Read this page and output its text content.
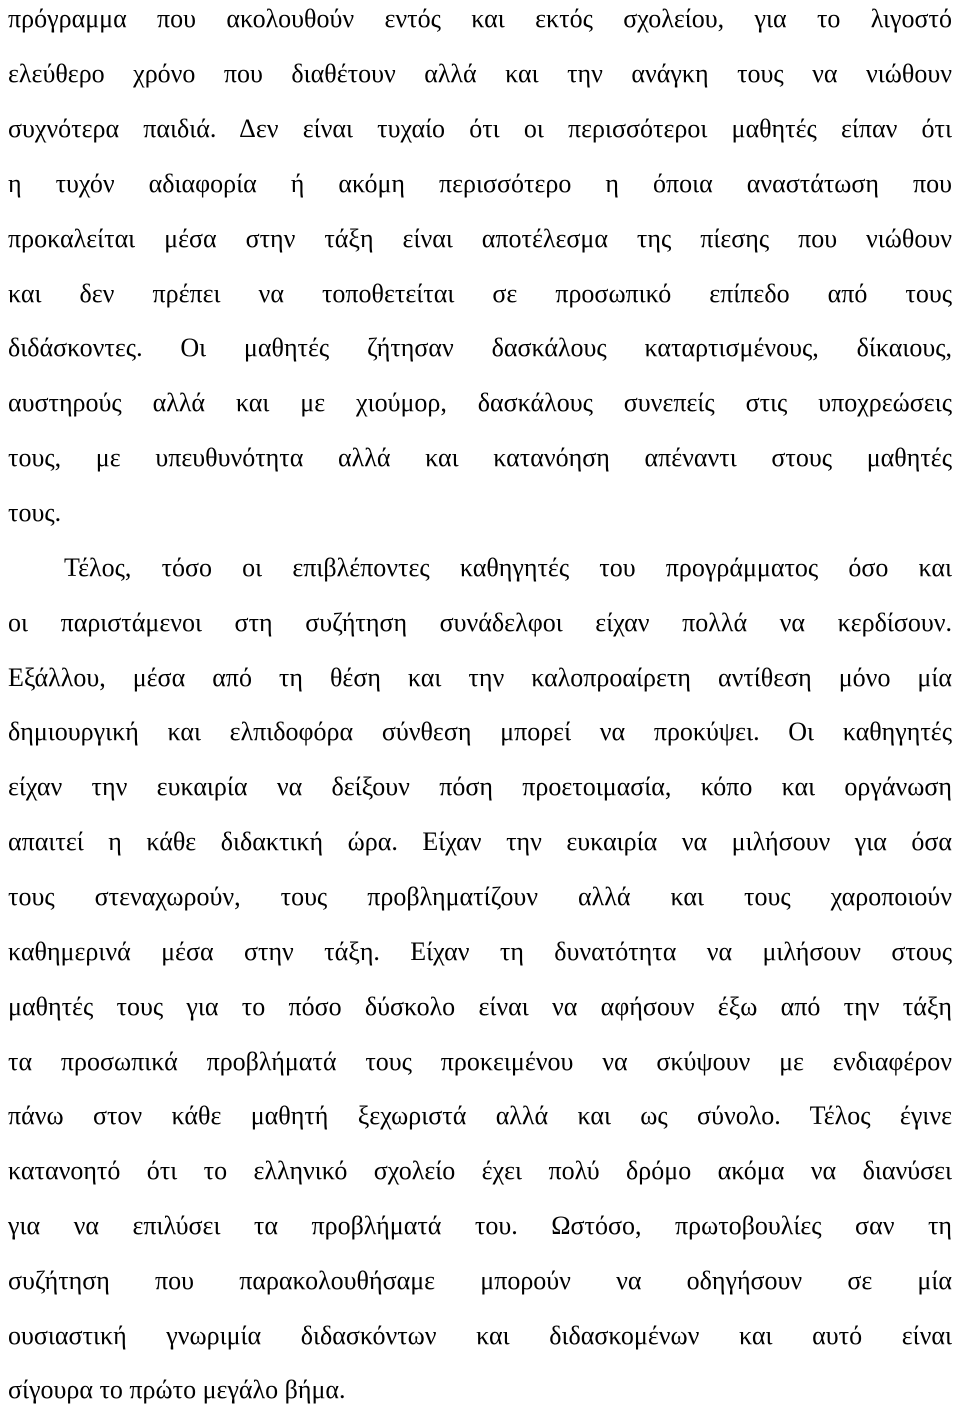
πρόγραμμα που ακολουθούν εντός και εκτός σχολείου, για το λιγοστό
ελεύθερο χρόνο που διαθέτουν αλλά και την ανάγκη τους να νιώθουν
συχνότερα παιδιά. Δεν είναι τυχαίο ότι οι περισσότεροι μαθητές είπαν ότι
η τυχόν αδιαφορία ή ακόμη περισσότερο η όποια αναστάτωση που
προκαλείται μέσα στην τάξη είναι αποτέλεσμα της πίεσης που νιώθουν
και δεν πρέπει να τοποθετείται σε προσωπικό επίπεδο από τους
διδάσκοντες. Οι μαθητές ζήτησαν δασκάλους καταρτισμένους, δίκαιους,
αυστηρούς αλλά και με χιούμορ, δασκάλους συνεπείς στις υποχρεώσεις
τους, με υπευθυνότητα αλλά και κατανόηση απέναντι στους μαθητές
τους.
Τέλος, τόσο οι επιβλέποντες καθηγητές του προγράμματος όσο και
οι παριστάμενοι στη συζήτηση συνάδελφοι είχαν πολλά να κερδίσουν.
Εξάλλου, μέσα από τη θέση και την καλοπροαίρετη αντίθεση μόνο μία
δημιουργική και ελπιδοφόρα σύνθεση μπορεί να προκύψει. Οι καθηγητές
είχαν την ευκαιρία να δείξουν πόση προετοιμασία, κόπο και οργάνωση
απαιτεί η κάθε διδακτική ώρα. Είχαν την ευκαιρία να μιλήσουν για όσα
τους στεναχωρούν, τους προβληματίζουν αλλά και τους χαροποιούν
καθημερινά μέσα στην τάξη. Είχαν τη δυνατότητα να μιλήσουν στους
μαθητές τους για το πόσο δύσκολο είναι να αφήσουν έξω από την τάξη
τα προσωπικά προβλήματά τους προκειμένου να σκύψουν με ενδιαφέρον
πάνω στον κάθε μαθητή ξεχωριστά αλλά και ως σύνολο. Τέλος έγινε
κατανοητό ότι το ελληνικό σχολείο έχει πολύ δρόμο ακόμα να διανύσει
για να επιλύσει τα προβλήματά του. Ωστόσο, πρωτοβουλίες σαν τη
συζήτηση που παρακολουθήσαμε μπορούν να οδηγήσουν σε μία
ουσιαστική γνωριμία διδασκόντων και διδασκομένων και αυτό είναι
σίγουρα το πρώτο μεγάλο βήμα.
